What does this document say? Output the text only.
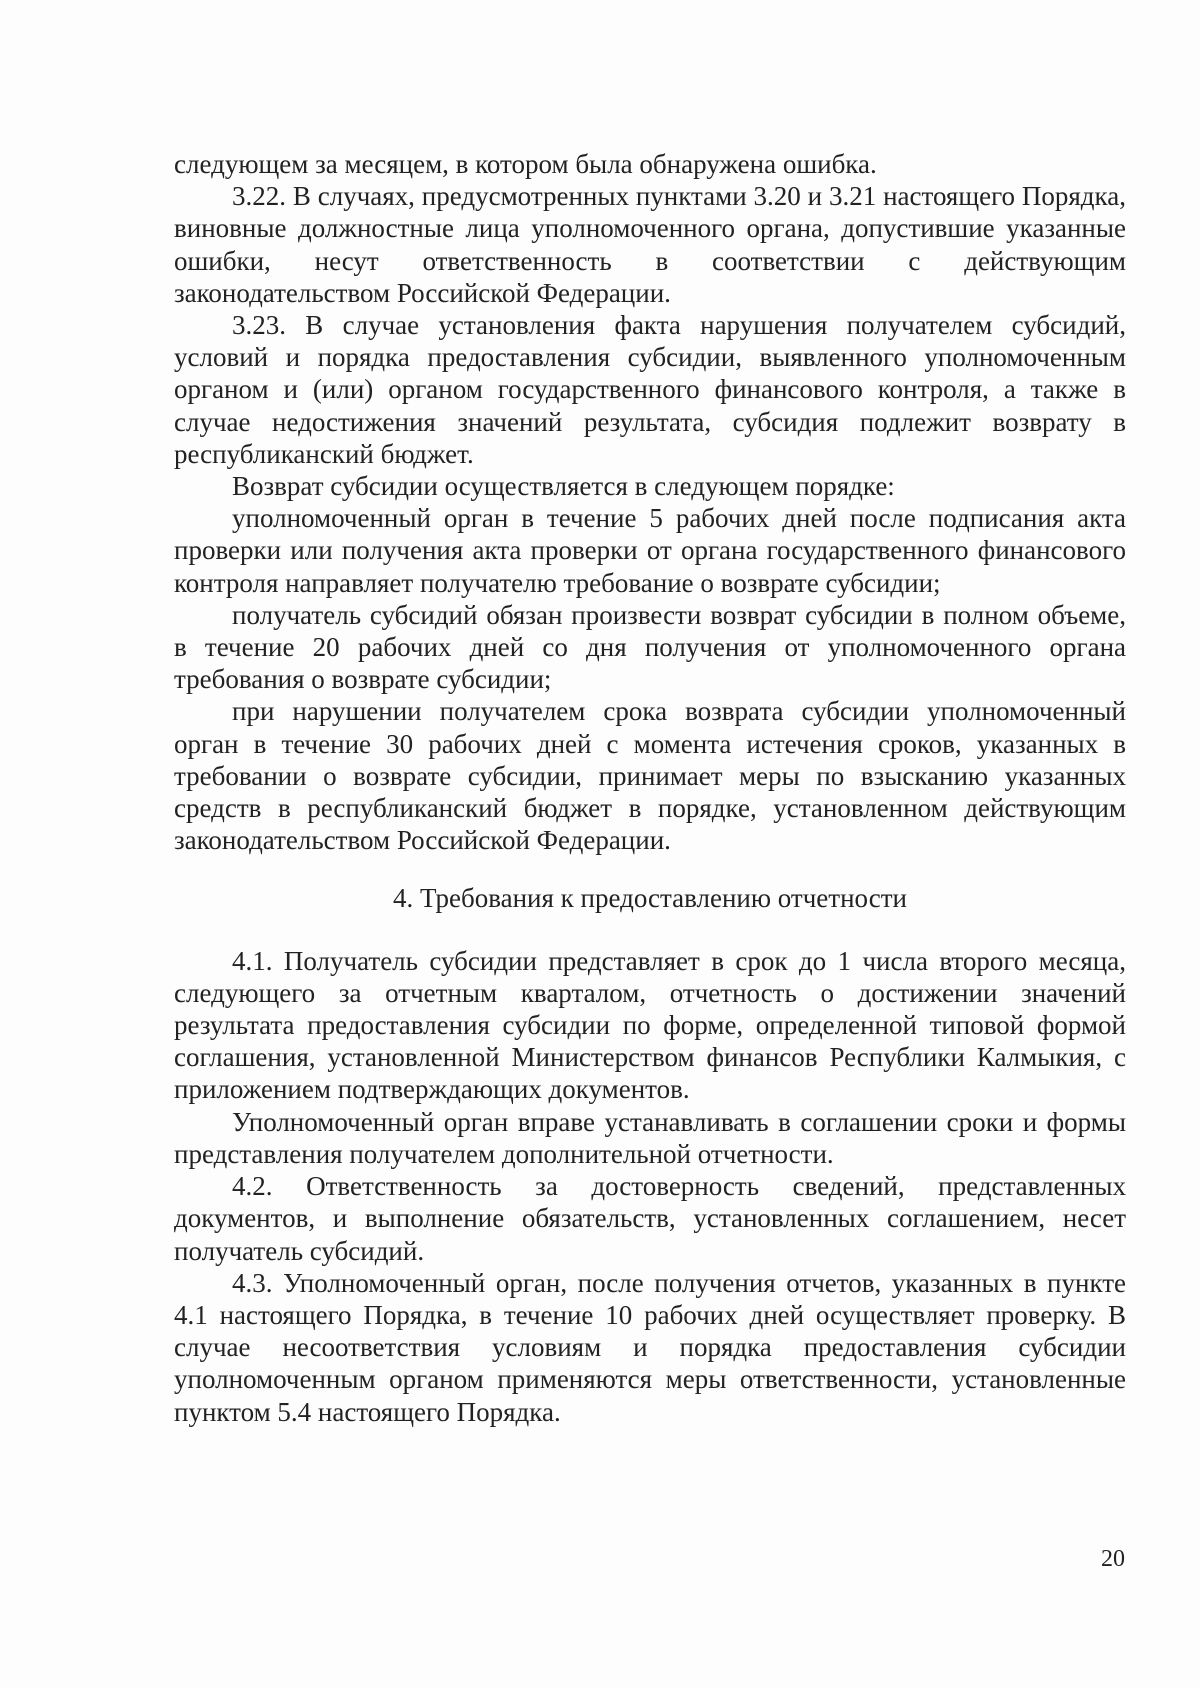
следующем за месяцем, в котором была обнаружена ошибка.

3.22. В случаях, предусмотренных пунктами 3.20 и 3.21 настоящего Порядка, виновные должностные лица уполномоченного органа, допустившие указанные ошибки, несут ответственность в соответствии с действующим законодательством Российской Федерации.

3.23. В случае установления факта нарушения получателем субсидий, условий и порядка предоставления субсидии, выявленного уполномоченным органом и (или) органом государственного финансового контроля, а также в случае недостижения значений результата, субсидия подлежит возврату в республиканский бюджет.

Возврат субсидии осуществляется в следующем порядке:

уполномоченный орган в течение 5 рабочих дней после подписания акта проверки или получения акта проверки от органа государственного финансового контроля направляет получателю требование о возврате субсидии;

получатель субсидий обязан произвести возврат субсидии в полном объеме, в течение 20 рабочих дней со дня получения от уполномоченного органа требования о возврате субсидии;

при нарушении получателем срока возврата субсидии уполномоченный орган в течение 30 рабочих дней с момента истечения сроков, указанных в требовании о возврате субсидии, принимает меры по взысканию указанных средств в республиканский бюджет в порядке, установленном действующим законодательством Российской Федерации.

4. Требования к предоставлению отчетности

4.1. Получатель субсидии представляет в срок до 1 числа второго месяца, следующего за отчетным кварталом, отчетность о достижении значений результата предоставления субсидии по форме, определенной типовой формой соглашения, установленной Министерством финансов Республики Калмыкия, с приложением подтверждающих документов.

Уполномоченный орган вправе устанавливать в соглашении сроки и формы представления получателем дополнительной отчетности.

4.2. Ответственность за достоверность сведений, представленных документов, и выполнение обязательств, установленных соглашением, несет получатель субсидий.

4.3. Уполномоченный орган, после получения отчетов, указанных в пункте 4.1 настоящего Порядка, в течение 10 рабочих дней осуществляет проверку. В случае несоответствия условиям и порядка предоставления субсидии уполномоченным органом применяются меры ответственности, установленные пунктом 5.4 настоящего Порядка.

20
